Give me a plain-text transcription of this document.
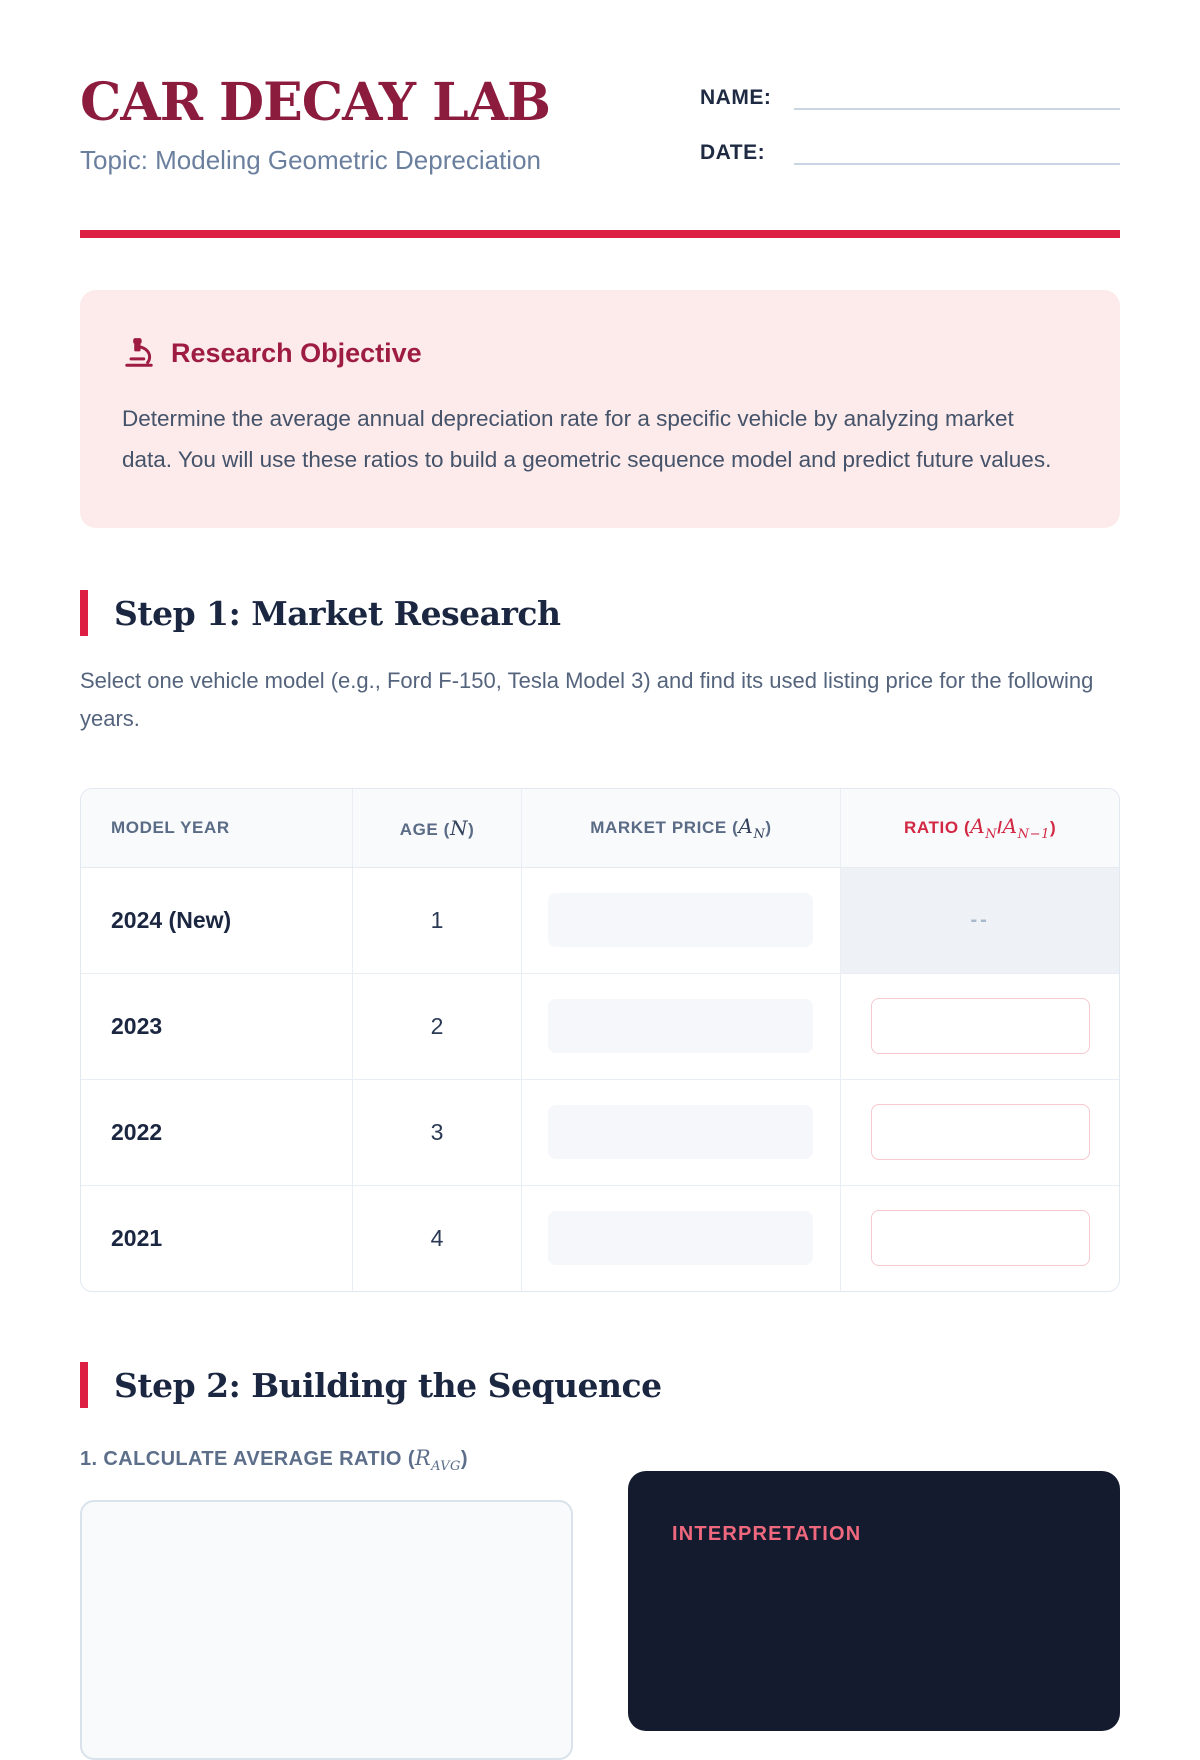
CAR DECAY LAB
Topic: Modeling Geometric Depreciation
NAME:
DATE:
Research Objective

Determine the average annual depreciation rate for a specific vehicle by analyzing market data. You will use these ratios to build a geometric sequence model and predict future values.

Step 1: Market Research

Select one vehicle model (e.g., Ford F-150, Tesla Model 3) and find its used listing price for the following years.

MODEL YEAR	AGE (N)	MARKET PRICE $(A_N)$	RATIO $(A_N/A_{N-1})$
2024 (New)	1		--
2023	2		
2022	3		
2021	4		
Step 2: Building the Sequence
1. CALCULATE AVERAGE RATIO $(R_{AVG})$
INTERPRETATION
